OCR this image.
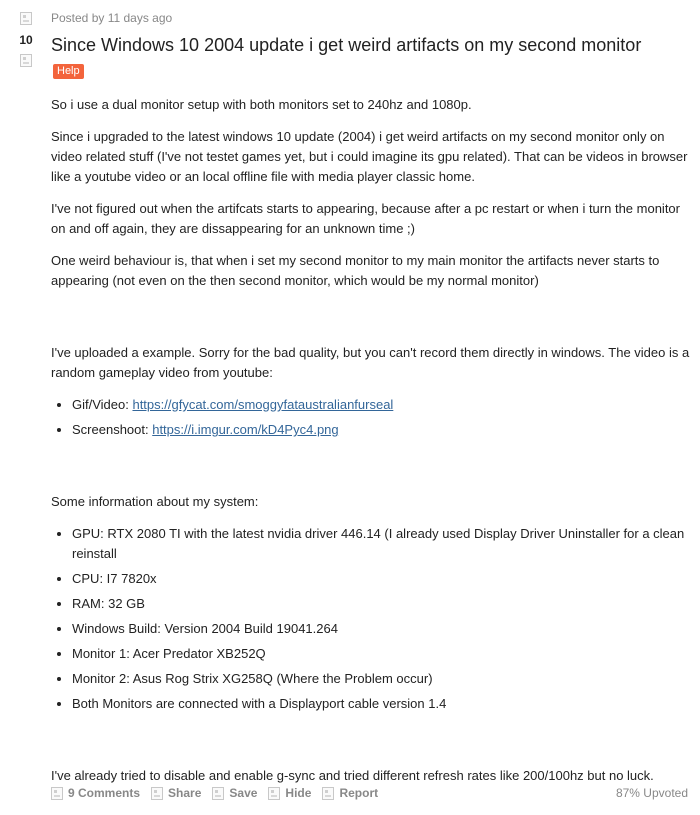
10
Posted by 11 days ago
Since Windows 10 2004 update i get weird artifacts on my second monitor
Help

So i use a dual monitor setup with both monitors set to 240hz and 1080p.

Since i upgraded to the latest windows 10 update (2004) i get weird artifacts on my second monitor only on video related stuff (I've not testet games yet, but i could imagine its gpu related). That can be videos in browser like a youtube video or an local offline file with media player classic home.

I've not figured out when the artifcats starts to appearing, because after a pc restart or when i turn the monitor on and off again, they are dissappearing for an unknown time ;)

One weird behaviour is, that when i set my second monitor to my main monitor the artifacts never starts to appearing (not even on the then second monitor, which would be my normal monitor)

I've uploaded a example. Sorry for the bad quality, but you can't record them directly in windows. The video is a random gameplay video from youtube:

• Gif/Video: https://gfycat.com/smoggyfataustralianfurseal
• Screenshoot: https://i.imgur.com/kD4Pyc4.png

Some information about my system:

• GPU: RTX 2080 TI with the latest nvidia driver 446.14 (I already used Display Driver Uninstaller for a clean reinstall
• CPU: I7 7820x
• RAM: 32 GB
• Windows Build: Version 2004 Build 19041.264
• Monitor 1: Acer Predator XB252Q
• Monitor 2: Asus Rog Strix XG258Q (Where the Problem occur)
• Both Monitors are connected with a Displayport cable version 1.4

I've already tried to disable and enable g-sync and tried different refresh rates like 200/100hz but no luck.

9 Comments Share Save Hide Report	87% Upvoted
